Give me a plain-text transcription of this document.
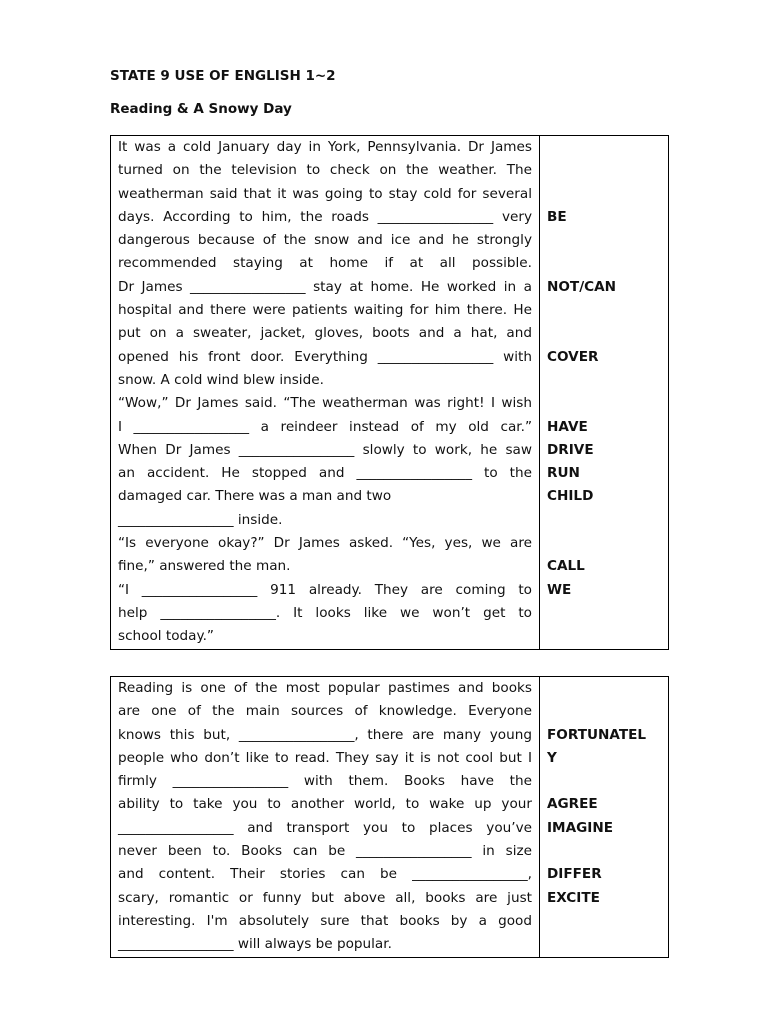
STATE 9 USE OF ENGLISH 1~2
Reading & A Snowy Day
It was a cold January day in York, Pennsylvania. Dr James
turned on the television to check on the weather. The
weatherman said that it was going to stay cold for several
days. According to him, the roads _________________ very
dangerous because of the snow and ice and he strongly
recommended staying at home if at all possible.
Dr James _________________ stay at home. He worked in a
hospital and there were patients waiting for him there. He
put on a sweater, jacket, gloves, boots and a hat, and
opened his front door. Everything _________________ with
snow. A cold wind blew inside.
“Wow,” Dr James said. “The weatherman was right! I wish
I _________________ a reindeer instead of my old car.”
When Dr James _________________ slowly to work, he saw
an accident. He stopped and _________________ to the
damaged car. There was a man and two
_________________ inside.
“Is everyone okay?” Dr James asked. “Yes, yes, we are
fine,” answered the man.
“I _________________ 911 already. They are coming to
help _________________. It looks like we won’t get to
school today.”

BE
NOT/CAN
COVER
HAVE
DRIVE
RUN
CHILD
CALL
WE
Reading is one of the most popular pastimes and books
are one of the main sources of knowledge. Everyone
knows this but, _________________, there are many young
people who don’t like to read. They say it is not cool but I
firmly _________________ with them. Books have the
ability to take you to another world, to wake up your
_________________ and transport you to places you’ve
never been to. Books can be _________________ in size
and content. Their stories can be _________________,
scary, romantic or funny but above all, books are just
interesting. I'm absolutely sure that books by a good
_________________ will always be popular.

FORTUNATEL
Y
AGREE
IMAGINE
DIFFER
EXCITE
